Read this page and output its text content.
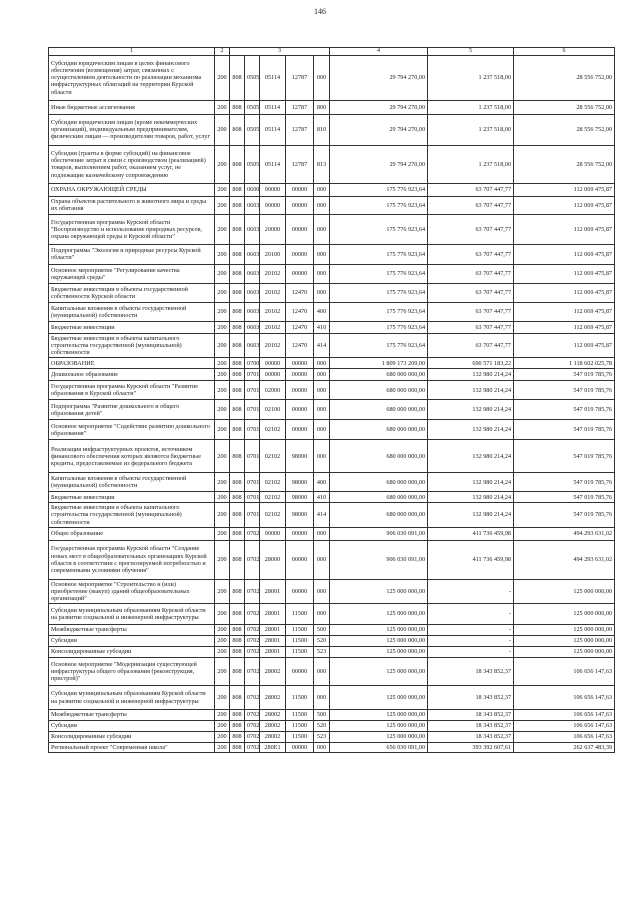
146
1	2	3					4	5	6
Субсидии юридическим лицам в целях финансового обеспечения (возмещения) затрат, связанных с осуществлением деятельности по реализации механизма инфраструктурных облигаций на территории Курской области	200	808	0505	05114	12787	000	29 794 270,00	1 237 518,00	28 556 752,00
Иные бюджетные ассигнования	200	808	0505	05114	12787	800	29 794 270,00	1 237 518,00	28 556 752,00
Субсидии юридическим лицам (кроме некоммерческих организаций), индивидуальным предпринимателям, физическим лицам — производителям товаров, работ, услуг	200	808	0505	05114	12787	810	29 794 270,00	1 237 518,00	28 556 752,00
Субсидии (гранты в форме субсидий) на финансовое обеспечение затрат в связи с производством (реализацией) товаров, выполнением работ, оказанием услуг, не подлежащие казначейскому сопровождению	200	808	0505	05114	12787	813	29 794 270,00	1 237 518,00	28 556 752,00
ОХРАНА ОКРУЖАЮЩЕЙ СРЕДЫ	200	808	0600	00000	00000	000	175 776 923,64	63 707 447,77	112 069 475,87
Охрана объектов растительного и животного мира и среды их обитания	200	808	0603	00000	00000	000	175 776 923,64	63 707 447,77	112 069 475,87
Государственная программа Курской области "Воспроизводство и использование природных ресурсов, охрана окружающей среды в Курской области"	200	808	0603	20000	00000	000	175 776 923,64	63 707 447,77	112 069 475,87
Подпрограмма "Экология и природные ресурсы Курской области"	200	808	0603	20100	00000	000	175 776 923,64	63 707 447,77	112 069 475,87
Основное мероприятие "Регулирование качества окружающей среды"	200	808	0603	20102	00000	000	175 776 923,64	63 707 447,77	112 069 475,87
Бюджетные инвестиции в объекты государственной собственности Курской области	200	808	0603	20102	12470	000	175 776 923,64	63 707 447,77	112 069 475,87
Капитальные вложения в объекты государственной (муниципальной) собственности	200	808	0603	20102	12470	400	175 776 923,64	63 707 447,77	112 069 475,87
Бюджетные инвестиции	200	808	0603	20102	12470	410	175 776 923,64	63 707 447,77	112 069 475,87
Бюджетные инвестиции в объекты капитального строительства государственной (муниципальной) собственности	200	808	0603	20102	12470	414	175 776 923,64	63 707 447,77	112 069 475,87
ОБРАЗОВАНИЕ	200	808	0700	00000	00000	000	1 809 173 209,00	690 571 183,22	1 118 602 025,78
Дошкольное образование	200	808	0701	00000	00000	000	680 000 000,00	132 980 214,24	547 019 785,76
Государственная программа Курской области "Развитие образования в Курской области"	200	808	0701	02000	00000	000	680 000 000,00	132 980 214,24	547 019 785,76
Подпрограмма "Развитие дошкольного и общего образования детей"	200	808	0701	02100	00000	000	680 000 000,00	132 980 214,24	547 019 785,76
Основное мероприятие "Содействие развитию дошкольного образования"	200	808	0701	02102	00000	000	680 000 000,00	132 980 214,24	547 019 785,76
Реализация инфраструктурных проектов, источником финансового обеспечения которых являются бюджетные кредиты, предоставляемые из федерального бюджета	200	808	0701	02102	98000	000	680 000 000,00	132 980 214,24	547 019 785,76
Капитальные вложения в объекты государственной (муниципальной) собственности	200	808	0701	02102	98000	400	680 000 000,00	132 980 214,24	547 019 785,76
Бюджетные инвестиции	200	808	0701	02102	98000	410	680 000 000,00	132 980 214,24	547 019 785,76
Бюджетные инвестиции в объекты капитального строительства государственной (муниципальной) собственности	200	808	0701	02102	98000	414	680 000 000,00	132 980 214,24	547 019 785,76
Общее образование	200	808	0702	00000	00000	000	906 030 091,00	411 736 459,98	494 293 631,02
Государственная программа Курской области "Создание новых мест в общеобразовательных организациях Курской области в соответствии с прогнозируемой потребностью и современными условиями обучения"	200	808	0702	28000	00000	000	906 030 091,00	411 736 459,98	494 293 631,02
Основное мероприятие "Строительство и (или) приобретение (выкуп) зданий общеобразовательных организаций"	200	808	0702	28001	00000	000	125 000 000,00	-	125 000 000,00
Субсидии муниципальным образованиям Курской области на развитие социальной и инженерной инфраструктуры	200	808	0702	28001	11500	000	125 000 000,00	-	125 000 000,00
Межбюджетные трансферты	200	808	0702	28001	11500	500	125 000 000,00	-	125 000 000,00
Субсидии	200	808	0702	28001	11500	520	125 000 000,00	-	125 000 000,00
Консолидированные субсидии	200	808	0702	28001	11500	523	125 000 000,00	-	125 000 000,00
Основное мероприятие "Модернизация существующей инфраструктуры общего образования (реконструкция, пристрой)"	200	808	0702	28002	00000	000	125 000 000,00	18 343 852,37	106 656 147,63
Субсидии муниципальным образованиям Курской области на развитие социальной и инженерной инфраструктуры	200	808	0702	28002	11500	000	125 000 000,00	18 343 852,37	106 656 147,63
Межбюджетные трансферты	200	808	0702	28002	11500	500	125 000 000,00	18 343 852,37	106 656 147,63
Субсидии	200	808	0702	28002	11500	520	125 000 000,00	18 343 852,37	106 656 147,63
Консолидированные субсидии	200	808	0702	28002	11500	523	125 000 000,00	18 343 852,37	106 656 147,63
Региональный проект "Современная школа"	200	808	0702	280E1	00000	000	656 030 091,00	393 392 607,61	262 637 483,39
